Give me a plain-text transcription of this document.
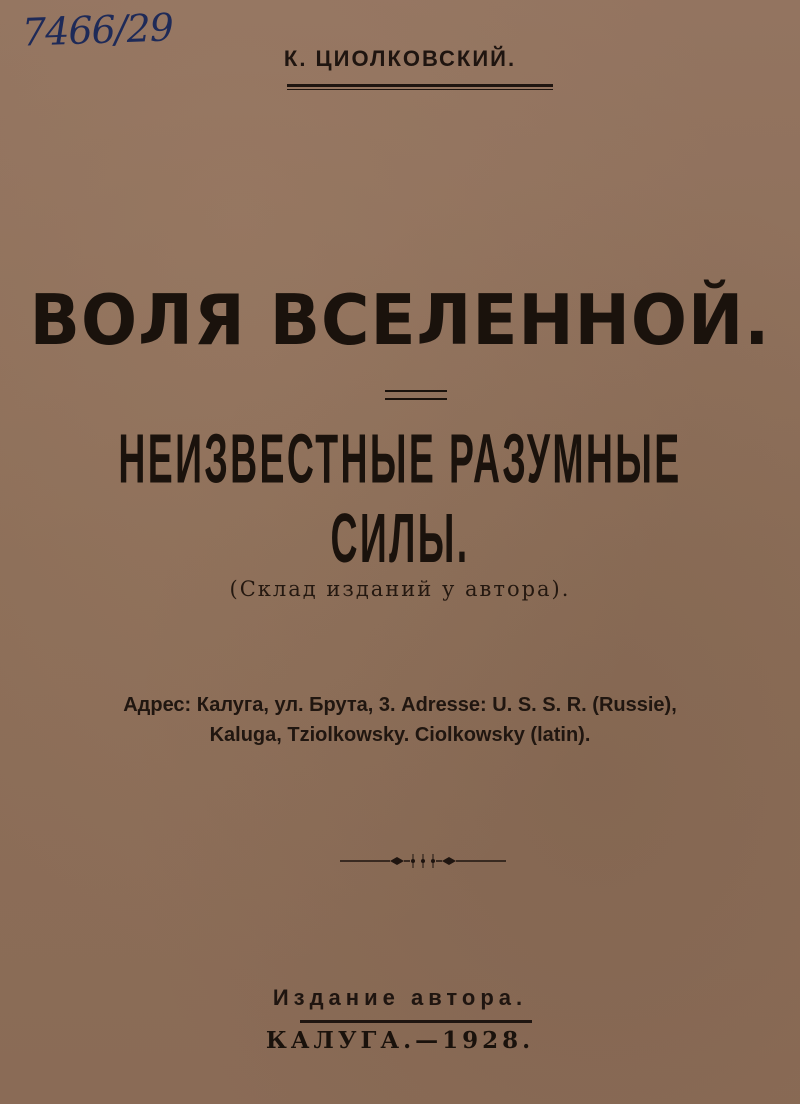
7466/29
К. ЦИОЛКОВСКИЙ.
ВОЛЯ ВСЕЛЕННОЙ.
НЕИЗВЕСТНЫЕ РАЗУМНЫЕ СИЛЫ.
(Склад изданий у автора).
Адрес: Калуга, ул. Брута, 3. Adresse: U. S. S. R. (Russie),
Kaluga, Tziolkowsky. Ciolkowsky (latin).
Издание автора.
КАЛУГА.—1928.
